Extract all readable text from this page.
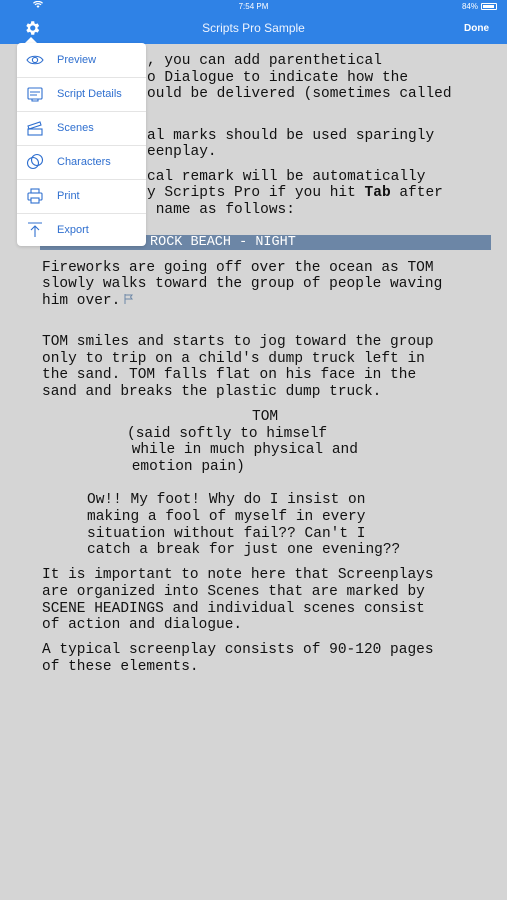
7:54 PM	84%
Scripts Pro Sample	Done
, you can add parenthetical
o Dialogue to indicate how the
ould be delivered (sometimes called
al marks should be used sparingly
eenplay.
cal remark will be automatically
y Scripts Pro if you hit Tab after
name as follows:
ROCK BEACH - NIGHT
Fireworks are going off over the ocean as TOM
slowly walks toward the group of people waving
him over.
TOM smiles and starts to jog toward the group
only to trip on a child's dump truck left in
the sand. TOM falls flat on his face in the
sand and breaks the plastic dump truck.
TOM
(said softly to himself
while in much physical and
emotion pain)
Ow!! My foot! Why do I insist on
making a fool of myself in every
situation without fail?? Can't I
catch a break for just one evening??
It is important to note here that Screenplays
are organized into Scenes that are marked by
SCENE HEADINGS and individual scenes consist
of action and dialogue.
A typical screenplay consists of 90-120 pages
of these elements.
Preview
Script Details
Scenes
Characters
Print
Export
